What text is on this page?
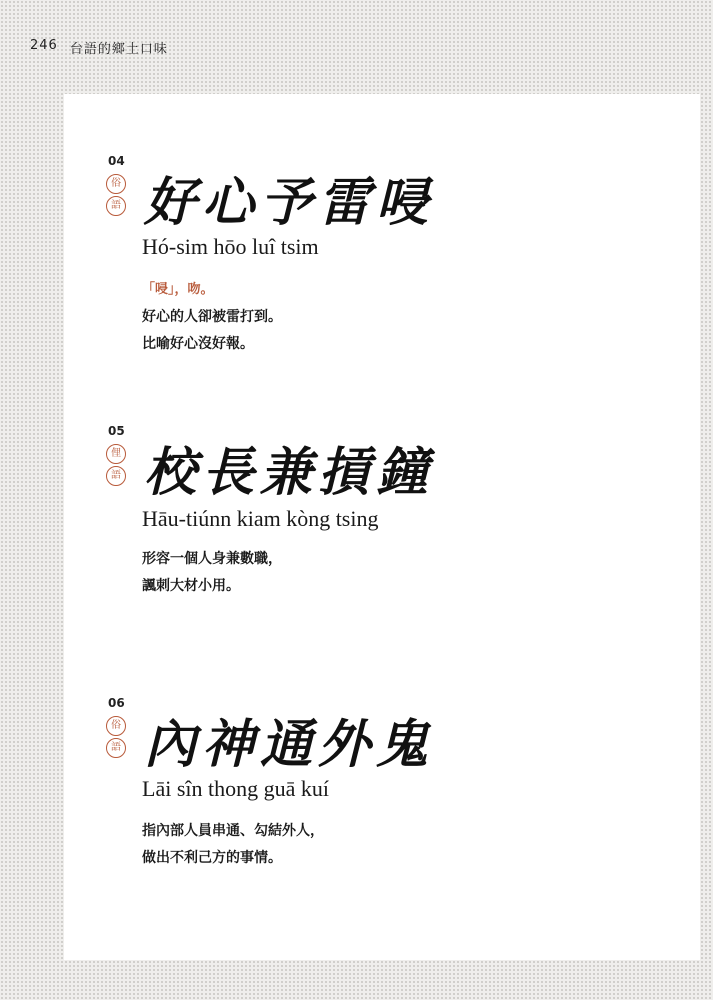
246 台語的鄉土口味
04
俗
語 好心予雷唚
Hó-sim hōo luî tsim
「唚」，吻。
好心的人卻被雷打到。
比喻好心沒好報。
05
俚
語 校長兼摃鐘
Hāu-tiúnn kiam kòng tsing
形容一個人身兼數職，
諷刺大材小用。
06
俗
語 內神通外鬼
Lāi sîn thong guā kuí
指內部人員串通、勾結外人，
做出不利己方的事情。
